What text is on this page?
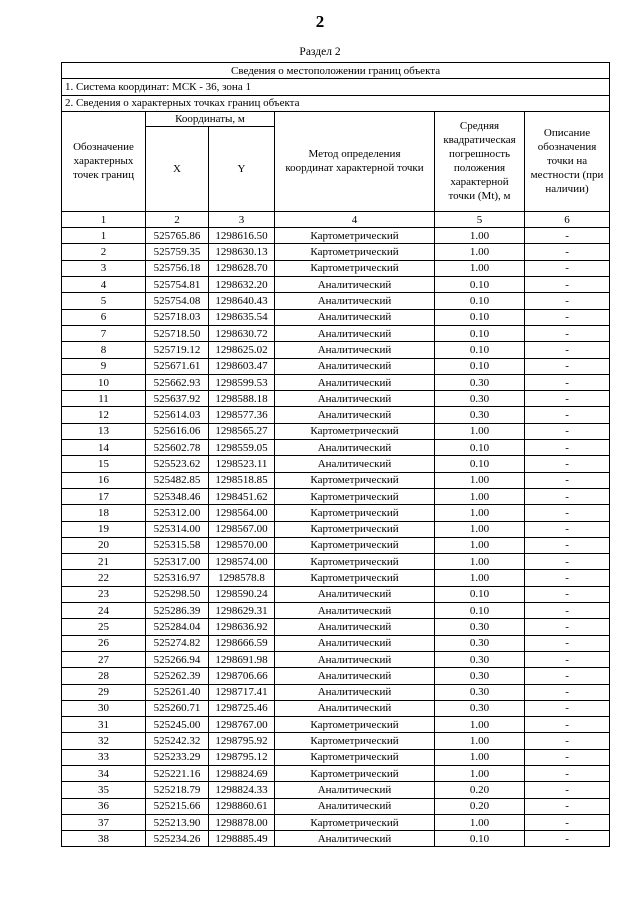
2
Раздел 2
Сведения о местоположении границ объекта					
1. Система координат: МСК - 36, зона 1					
2. Сведения о характерных точках границ объекта					
Обозначение характерных точек границ	Координаты, м		Метод определения координат характерной точки	Средняя квадратическая погрешность положения характерной точки (Mt), м	Описание обозначения точки на местности (при наличии)
	X	Y			
1	2	3	4	5	6
1	525765.86	1298616.50	Картометрический	1.00	-
2	525759.35	1298630.13	Картометрический	1.00	-
3	525756.18	1298628.70	Картометрический	1.00	-
4	525754.81	1298632.20	Аналитический	0.10	-
5	525754.08	1298640.43	Аналитический	0.10	-
6	525718.03	1298635.54	Аналитический	0.10	-
7	525718.50	1298630.72	Аналитический	0.10	-
8	525719.12	1298625.02	Аналитический	0.10	-
9	525671.61	1298603.47	Аналитический	0.10	-
10	525662.93	1298599.53	Аналитический	0.30	-
11	525637.92	1298588.18	Аналитический	0.30	-
12	525614.03	1298577.36	Аналитический	0.30	-
13	525616.06	1298565.27	Картометрический	1.00	-
14	525602.78	1298559.05	Аналитический	0.10	-
15	525523.62	1298523.11	Аналитический	0.10	-
16	525482.85	1298518.85	Картометрический	1.00	-
17	525348.46	1298451.62	Картометрический	1.00	-
18	525312.00	1298564.00	Картометрический	1.00	-
19	525314.00	1298567.00	Картометрический	1.00	-
20	525315.58	1298570.00	Картометрический	1.00	-
21	525317.00	1298574.00	Картометрический	1.00	-
22	525316.97	1298578.8	Картометрический	1.00	-
23	525298.50	1298590.24	Аналитический	0.10	-
24	525286.39	1298629.31	Аналитический	0.10	-
25	525284.04	1298636.92	Аналитический	0.30	-
26	525274.82	1298666.59	Аналитический	0.30	-
27	525266.94	1298691.98	Аналитический	0.30	-
28	525262.39	1298706.66	Аналитический	0.30	-
29	525261.40	1298717.41	Аналитический	0.30	-
30	525260.71	1298725.46	Аналитический	0.30	-
31	525245.00	1298767.00	Картометрический	1.00	-
32	525242.32	1298795.92	Картометрический	1.00	-
33	525233.29	1298795.12	Картометрический	1.00	-
34	525221.16	1298824.69	Картометрический	1.00	-
35	525218.79	1298824.33	Аналитический	0.20	-
36	525215.66	1298860.61	Аналитический	0.20	-
37	525213.90	1298878.00	Картометрический	1.00	-
38	525234.26	1298885.49	Аналитический	0.10	-
